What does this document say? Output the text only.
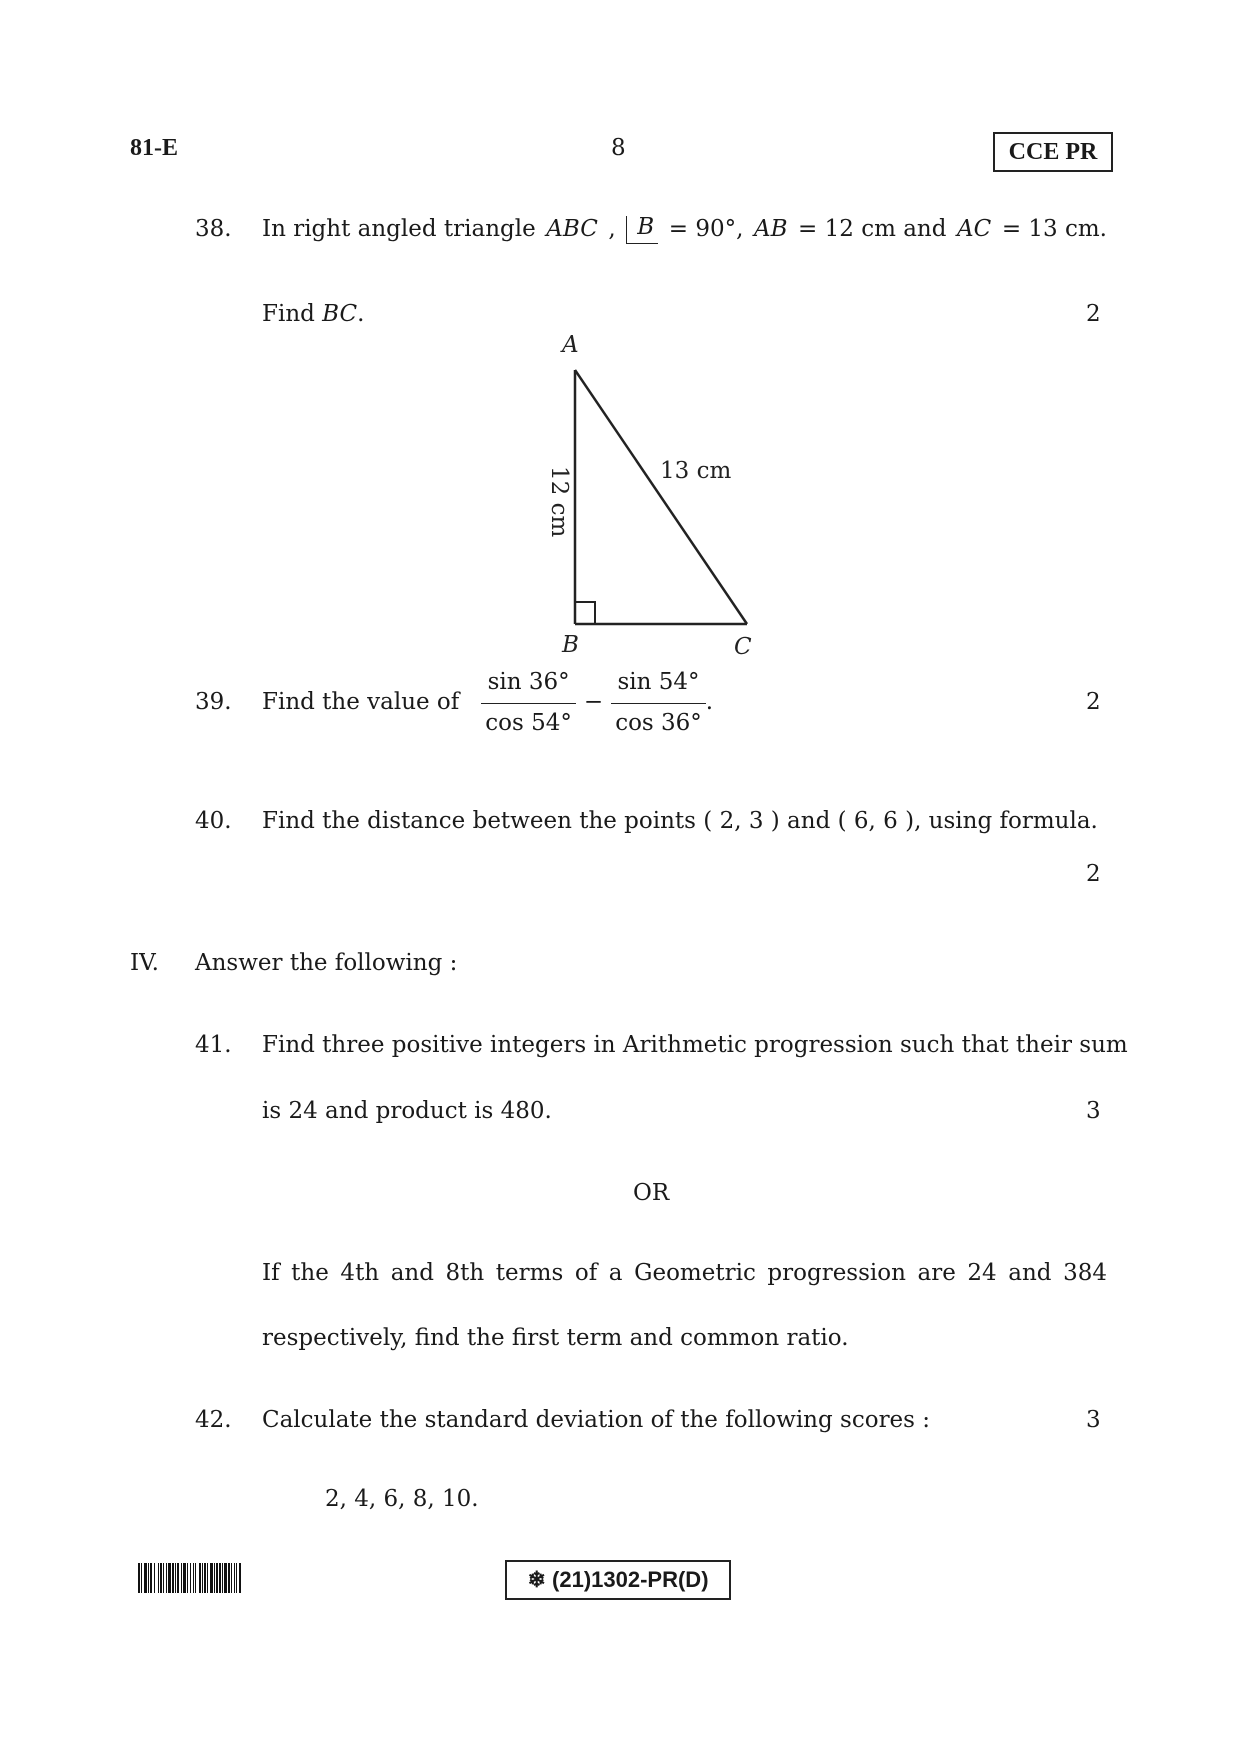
81-E	8	CCE PR
38. In right angled triangle ABC , B = 90°, AB = 12 cm and AC = 13 cm.
Find BC.	2
A
B	C
13 cm
12 cm
39. Find the value of $\frac{\sin 36^\circ}{\cos 54^\circ} - \frac{\sin 54^\circ}{\cos 36^\circ}$ .	2
40. Find the distance between the points ( 2, 3 ) and ( 6, 6 ), using formula.
2
IV. Answer the following :
41. Find three positive integers in Arithmetic progression such that their sum
is 24 and product is 480.	3
OR
If the 4th and 8th terms of a Geometric progression are 24 and 384
respectively, find the first term and common ratio.
42. Calculate the standard deviation of the following scores :	3
2, 4, 6, 8, 10.
❄ (21)1302-PR(D)
